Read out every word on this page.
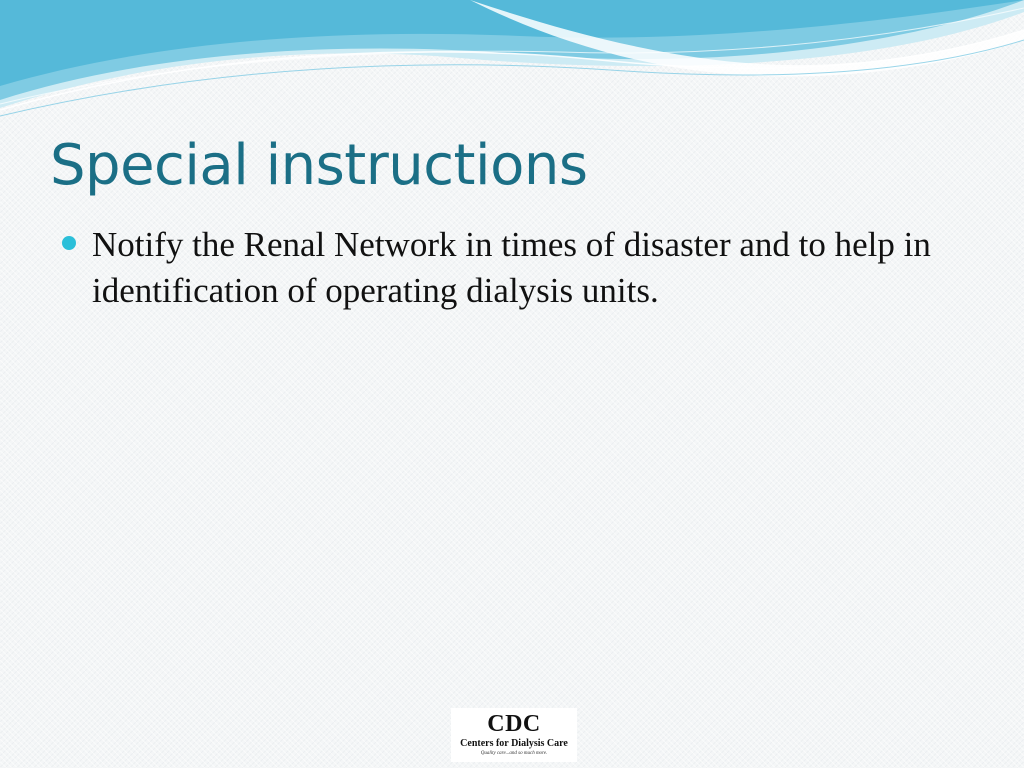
Special instructions
Notify the Renal Network in times of disaster and to help in identification of operating dialysis units.
CDC
Centers for Dialysis Care
Quality care...and so much more.
